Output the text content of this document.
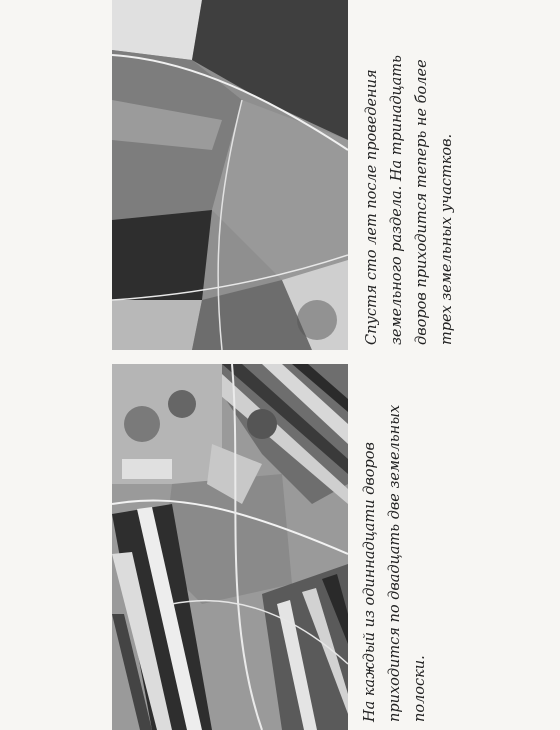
На каждый из одиннадцати дворов приходится по двадцать две земельных полоски.

Спустя сто лет после проведения земельного раздела. На тринадцать дворов приходится теперь не более трех земельных участков.
